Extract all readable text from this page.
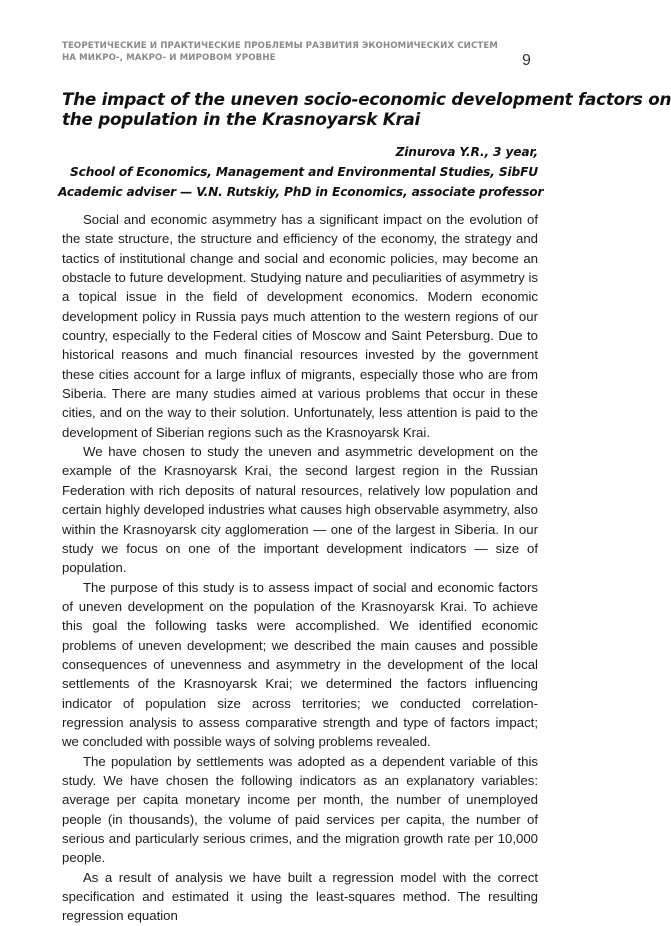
ТЕОРЕТИЧЕСКИЕ И ПРАКТИЧЕСКИЕ ПРОБЛЕМЫ РАЗВИТИЯ ЭКОНОМИЧЕСКИХ СИСТЕМ
НА МИКРО-, МАКРО- И МИРОВОМ УРОВНЕ	9
The impact of the uneven socio-economic development factors on
the population in the Krasnoyarsk Krai
Zinurova Y.R., 3 year,
School of Economics, Management and Environmental Studies, SibFU
Academic adviser — V.N. Rutskiy, PhD in Economics, associate professor

Social and economic asymmetry has a significant impact on the evolution of the state structure, the structure and efficiency of the economy, the strategy and tactics of institutional change and social and economic policies, may become an obstacle to future development. Studying nature and peculiarities of asymmetry is a topical issue in the field of development economics. Modern economic development policy in Russia pays much attention to the western regions of our country, especially to the Federal cities of Moscow and Saint Petersburg. Due to historical reasons and much financial resources invested by the government these cities account for a large influx of migrants, especially those who are from Siberia. There are many studies aimed at various problems that occur in these cities, and on the way to their solution. Unfortunately, less attention is paid to the development of Siberian regions such as the Krasnoyarsk Krai.

We have chosen to study the uneven and asymmetric development on the example of the Krasnoyarsk Krai, the second largest region in the Russian Federation with rich deposits of natural resources, relatively low population and certain highly developed industries what causes high observable asymmetry, also within the Krasnoyarsk city agglomeration — one of the largest in Siberia. In our study we focus on one of the important development indicators — size of population.

The purpose of this study is to assess impact of social and economic factors of uneven development on the population of the Krasnoyarsk Krai. To achieve this goal the following tasks were accomplished. We identified economic problems of uneven development; we described the main causes and possible consequences of unevenness and asymmetry in the development of the local settlements of the Krasnoyarsk Krai; we determined the factors influencing indicator of population size across territories; we conducted correlation-regression analysis to assess comparative strength and type of factors impact; we concluded with possible ways of solving problems revealed.

The population by settlements was adopted as a dependent variable of this study. We have chosen the following indicators as an explanatory variables: average per capita monetary income per month, the number of unemployed people (in thousands), the volume of paid services per capita, the number of serious and particularly serious crimes, and the migration growth rate per 10,000 people.

As a result of analysis we have built a regression model with the correct specification and estimated it using the least-squares method. The resulting regression equation
